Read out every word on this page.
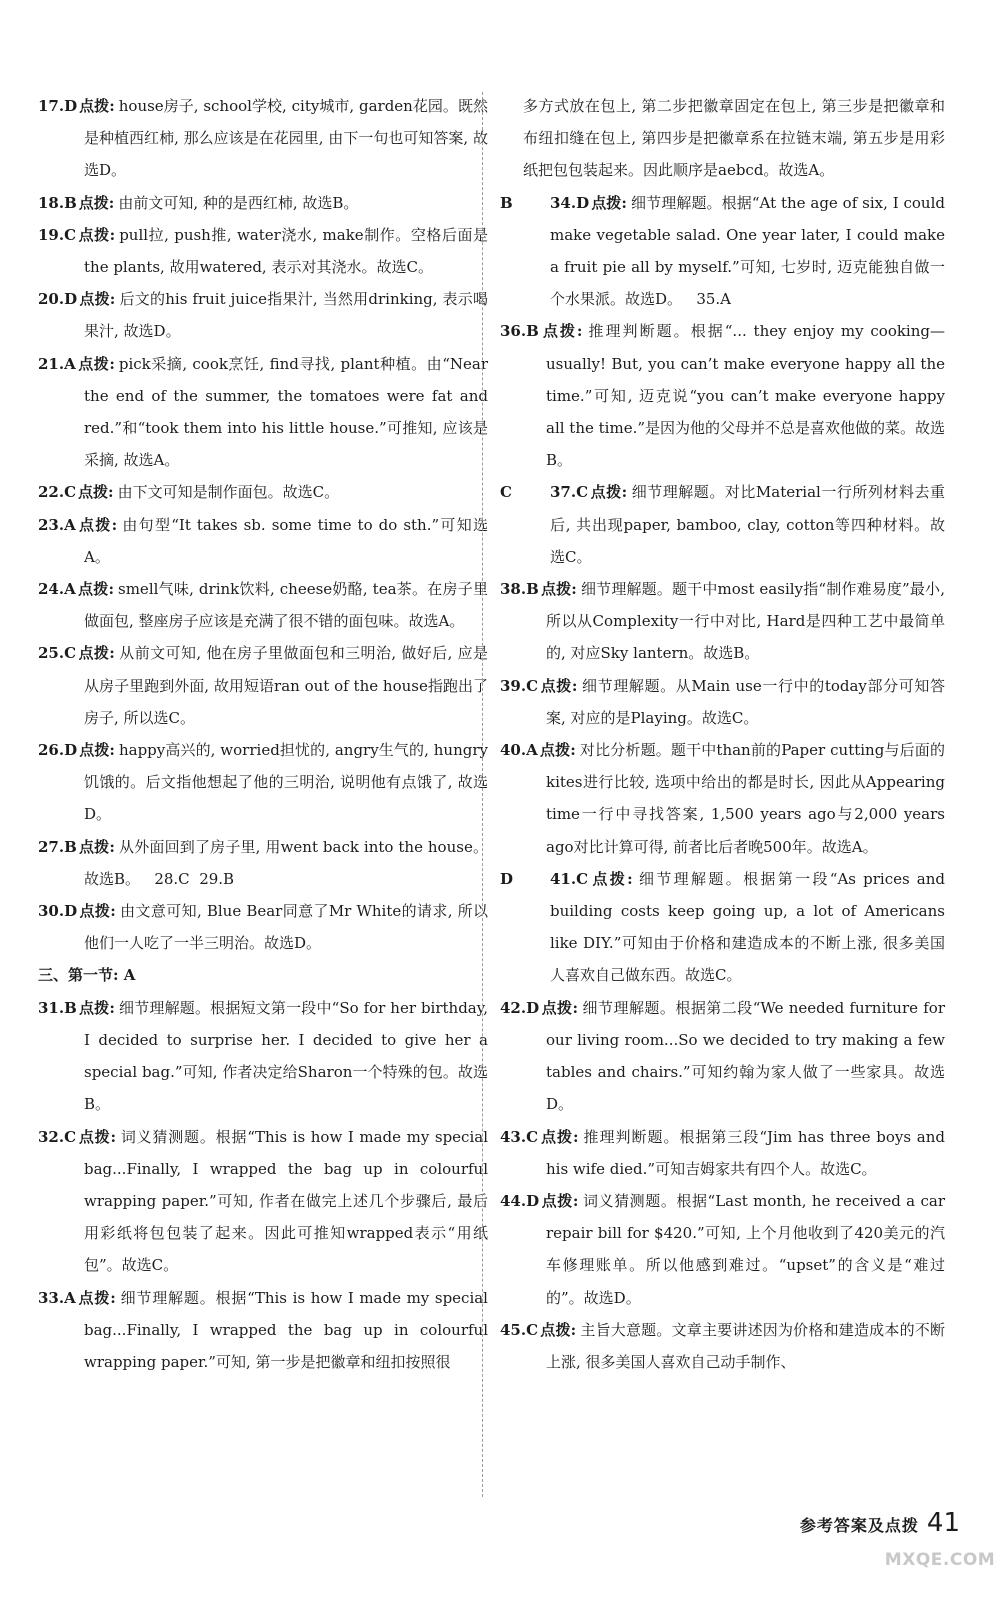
17.D 点拨: house房子, school学校, city城市, garden花园。既然是种植西红柿, 那么应该是在花园里, 由下一句也可知答案, 故选D。
18.B 点拨: 由前文可知, 种的是西红柿, 故选B。
19.C 点拨: pull拉, push推, water浇水, make制作。空格后面是the plants, 故用watered, 表示对其浇水。故选C。
20.D 点拨: 后文的his fruit juice指果汁, 当然用drinking, 表示喝果汁, 故选D。
21.A 点拨: pick采摘, cook烹饪, find寻找, plant种植。由“Near the end of the summer, the tomatoes were fat and red.”和“took them into his little house.”可推知, 应该是采摘, 故选A。
22.C 点拨: 由下文可知是制作面包。故选C。
23.A 点拨: 由句型“It takes sb. some time to do sth.”可知选A。
24.A 点拨: smell气味, drink饮料, cheese奶酪, tea茶。在房子里做面包, 整座房子应该是充满了很不错的面包味。故选A。
25.C 点拨: 从前文可知, 他在房子里做面包和三明治, 做好后, 应是从房子里跑到外面, 故用短语ran out of the house指跑出了房子, 所以选C。
26.D 点拨: happy高兴的, worried担忧的, angry生气的, hungry饥饿的。后文指他想起了他的三明治, 说明他有点饿了, 故选D。
27.B 点拨: 从外面回到了房子里, 用went back into the house。故选B。   28.C  29.B
30.D 点拨: 由文意可知, Blue Bear同意了Mr White的请求, 所以他们一人吃了一半三明治。故选D。
三、第一节: A
31.B 点拨: 细节理解题。根据短文第一段中“So for her birthday, I decided to surprise her. I decided to give her a special bag.”可知, 作者决定给Sharon一个特殊的包。故选B。
32.C 点拨: 词义猜测题。根据“This is how I made my special bag...Finally, I wrapped the bag up in colourful wrapping paper.”可知, 作者在做完上述几个步骤后, 最后用彩纸将包包装了起来。因此可推知wrapped表示“用纸包”。故选C。
33.A 点拨: 细节理解题。根据“This is how I made my special bag...Finally, I wrapped the bag up in colourful wrapping paper.”可知, 第一步是把徽章和纽扣按照很
多方式放在包上, 第二步把徽章固定在包上, 第三步是把徽章和布纽扣缝在包上, 第四步是把徽章系在拉链末端, 第五步是用彩纸把包包装起来。因此顺序是aebcd。故选A。
B 34.D 点拨: 细节理解题。根据“At the age of six, I could make vegetable salad. One year later, I could make a fruit pie all by myself.”可知, 七岁时, 迈克能独自做一个水果派。故选D。   35.A
36.B 点拨: 推理判断题。根据“... they enjoy my cooking—usually! But, you can’t make everyone happy all the time.”可知, 迈克说“you can’t make everyone happy all the time.”是因为他的父母并不总是喜欢他做的菜。故选B。
C	37.C 点拨: 细节理解题。对比Material一行所列材料去重后, 共出现paper, bamboo, clay, cotton等四种材料。故选C。
38.B 点拨: 细节理解题。题干中most easily指“制作难易度”最小, 所以从Complexity一行中对比, Hard是四种工艺中最简单的, 对应Sky lantern。故选B。
39.C 点拨: 细节理解题。从Main use一行中的today部分可知答案, 对应的是Playing。故选C。
40.A 点拨: 对比分析题。题干中than前的Paper cutting与后面的kites进行比较, 选项中给出的都是时长, 因此从Appearing time一行中寻找答案, 1,500 years ago与2,000 years ago对比计算可得, 前者比后者晚500年。故选A。
D 41.C 点拨: 细节理解题。根据第一段“As prices and building costs keep going up, a lot of Americans like DIY.”可知由于价格和建造成本的不断上涨, 很多美国人喜欢自己做东西。故选C。
42.D 点拨: 细节理解题。根据第二段“We needed furniture for our living room...So we decided to try making a few tables and chairs.”可知约翰为家人做了一些家具。故选D。
43.C 点拨: 推理判断题。根据第三段“Jim has three boys and his wife died.”可知吉姆家共有四个人。故选C。
44.D 点拨: 词义猜测题。根据“Last month, he received a car repair bill for $420.”可知, 上个月他收到了420美元的汽车修理账单。所以他感到难过。“upset”的含义是“难过的”。故选D。
45.C 点拨: 主旨大意题。文章主要讲述因为价格和建造成本的不断上涨, 很多美国人喜欢自己动手制作、
参考答案及点拨 41
MXQE.COM
